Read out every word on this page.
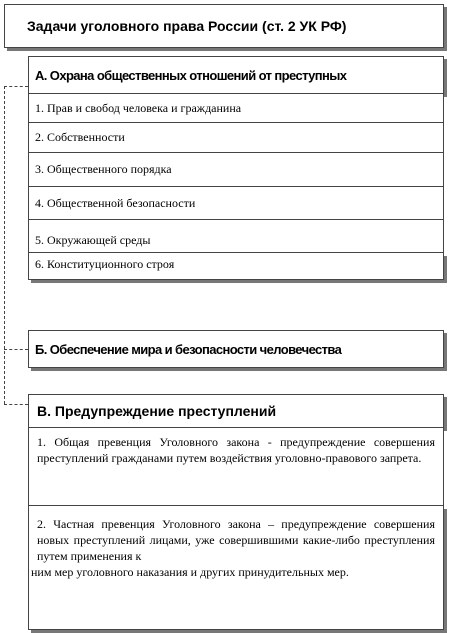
Задачи уголовного права России (ст. 2 УК РФ)
А. Охрана общественных отношений от преступных
1. Прав и свобод человека и гражданина
2. Собственности
3. Общественного порядка
4. Общественной безопасности
5. Окружающей среды
6. Конституционного строя
Б. Обеспечение мира и безопасности человечества
В. Предупреждение преступлений
1. Общая превенция Уголовного закона - предупреждение совершения преступлений гражданами путем воздействия уголовно-правового запрета.
2. Частная превенция Уголовного закона – предупреждение совершения новых преступлений лицами, уже совершившими какие-либо преступления путем применения к
ним мер уголовного наказания и других принудительных мер.
